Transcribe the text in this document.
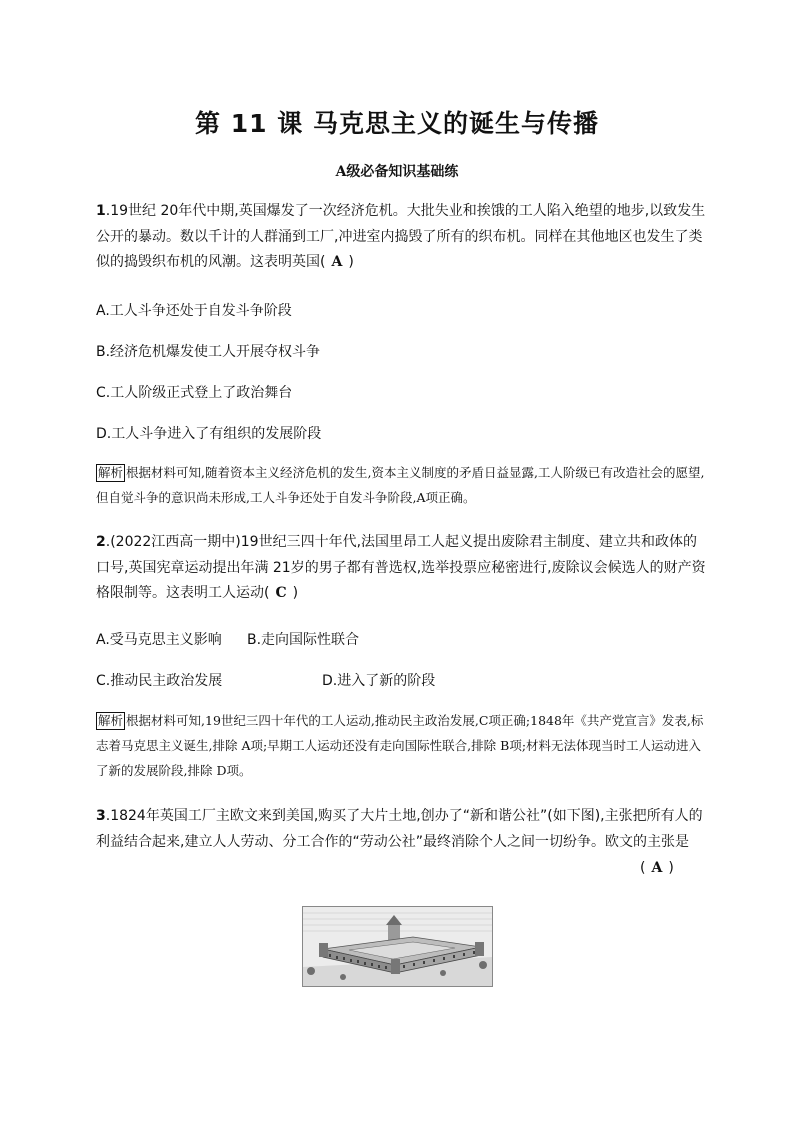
第 11 课 马克思主义的诞生与传播
A级必备知识基础练
1.19世纪 20年代中期,英国爆发了一次经济危机。大批失业和挨饿的工人陷入绝望的地步,以致发生公开的暴动。数以千计的人群涌到工厂,冲进室内捣毁了所有的织布机。同样在其他地区也发生了类似的捣毁织布机的风潮。这表明英国( A )
A.工人斗争还处于自发斗争阶段
B.经济危机爆发使工人开展夺权斗争
C.工人阶级正式登上了政治舞台
D.工人斗争进入了有组织的发展阶段
解析 根据材料可知,随着资本主义经济危机的发生,资本主义制度的矛盾日益显露,工人阶级已有改造社会的愿望,但自觉斗争的意识尚未形成,工人斗争还处于自发斗争阶段,A项正确。
2.(2022江西高一期中)19世纪三四十年代,法国里昂工人起义提出废除君主制度、建立共和政体的口号,英国宪章运动提出年满 21岁的男子都有普选权,选举投票应秘密进行,废除议会候选人的财产资格限制等。这表明工人运动( C )
A.受马克思主义影响 B.走向国际性联合
C.推动民主政治发展	D.进入了新的阶段
解析 根据材料可知,19世纪三四十年代的工人运动,推动民主政治发展,C项正确;1848年《共产党宣言》发表,标志着马克思主义诞生,排除 A项;早期工人运动还没有走向国际性联合,排除 B项;材料无法体现当时工人运动进入了新的发展阶段,排除 D项。
3.1824年英国工厂主欧文来到美国,购买了大片土地,创办了“新和谐公社”(如下图),主张把所有人的利益结合起来,建立人人劳动、分工合作的“劳动公社”最终消除个人之间一切纷争。欧文的主张是
( A )
